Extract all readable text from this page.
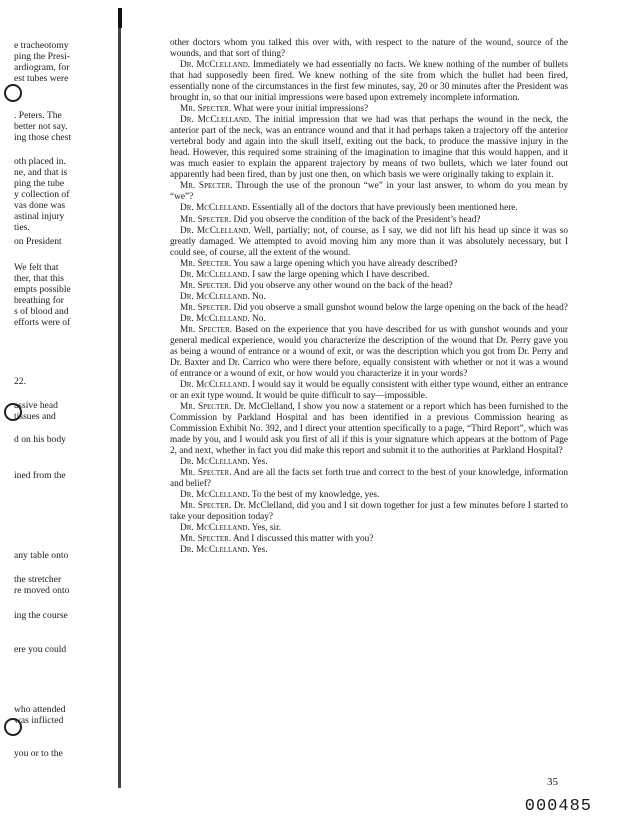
e tracheotomy
ping the Presi-
ardiogram, for
est tubes were
. Peters. The
better not say.
ing those chest
oth placed in.
ne, and that is
ping the tube
y collection of
vas done was
astinal injury
ties.
on President
We felt that
ther, that this
empts possible
breathing for
s of blood and
efforts were of
22.
assive head
tissues and
d on his body
ined from the
any table onto
the stretcher
re moved onto
ing the course
ere you could
who attended
was inflicted
you or to the

other doctors whom you talked this over with, with respect to the nature of the wound, source of the wounds, and that sort of thing?

Dr. McClelland. Immediately we had essentially no facts. We knew nothing of the number of bullets that had supposedly been fired. We knew nothing of the site from which the bullet had been fired, essentially none of the circumstances in the first few minutes, say, 20 or 30 minutes after the President was brought in, so that our initial impressions were based upon extremely incomplete information.

Mr. Specter. What were your initial impressions?

Dr. McClelland. The initial impression that we had was that perhaps the wound in the neck, the anterior part of the neck, was an entrance wound and that it had perhaps taken a trajectory off the anterior vertebral body and again into the skull itself, exiting out the back, to produce the massive injury in the head. However, this required some straining of the imagination to imagine that this would happen, and it was much easier to explain the apparent trajectory by means of two bullets, which we later found out apparently had been fired, than by just one then, on which basis we were originally taking to explain it.

Mr. Specter. Through the use of the pronoun “we” in your last answer, to whom do you mean by “we”?

Dr. McClelland. Essentially all of the doctors that have previously been mentioned here.

Mr. Specter. Did you observe the condition of the back of the President’s head?

Dr. McClelland. Well, partially; not, of course, as I say, we did not lift his head up since it was so greatly damaged. We attempted to avoid moving him any more than it was absolutely necessary, but I could see, of course, all the extent of the wound.

Mr. Specter. You saw a large opening which you have already described?

Dr. McClelland. I saw the large opening which I have described.

Mr. Specter. Did you observe any other wound on the back of the head?

Dr. McClelland. No.

Mr. Specter. Did you observe a small gunshot wound below the large opening on the back of the head?

Dr. McClelland. No.

Mr. Specter. Based on the experience that you have described for us with gunshot wounds and your general medical experience, would you characterize the description of the wound that Dr. Perry gave you as being a wound of entrance or a wound of exit, or was the description which you got from Dr. Perry and Dr. Baxter and Dr. Carrico who were there before, equally consistent with whether or not it was a wound of entrance or a wound of exit, or how would you characterize it in your words?

Dr. McClelland. I would say it would be equally consistent with either type wound, either an entrance or an exit type wound. It would be quite difficult to say—impossible.

Mr. Specter. Dr. McClelland, I show you now a statement or a report which has been furnished to the Commission by Parkland Hospital and has been identified in a previous Commission hearing as Commission Exhibit No. 392, and I direct your attention specifically to a page, “Third Report”, which was made by you, and I would ask you first of all if this is your signature which appears at the bottom of Page 2, and next, whether in fact you did make this report and submit it to the authorities at Parkland Hospital?

Dr. McClelland. Yes.

Mr. Specter. And are all the facts set forth true and correct to the best of your knowledge, information and belief?

Dr. McClelland. To the best of my knowledge, yes.

Mr. Specter. Dr. McClelland, did you and I sit down together for just a few minutes before I started to take your deposition today?

Dr. McClelland. Yes, sir.

Mr. Specter. And I discussed this matter with you?

Dr. McClelland. Yes.

35
000485
